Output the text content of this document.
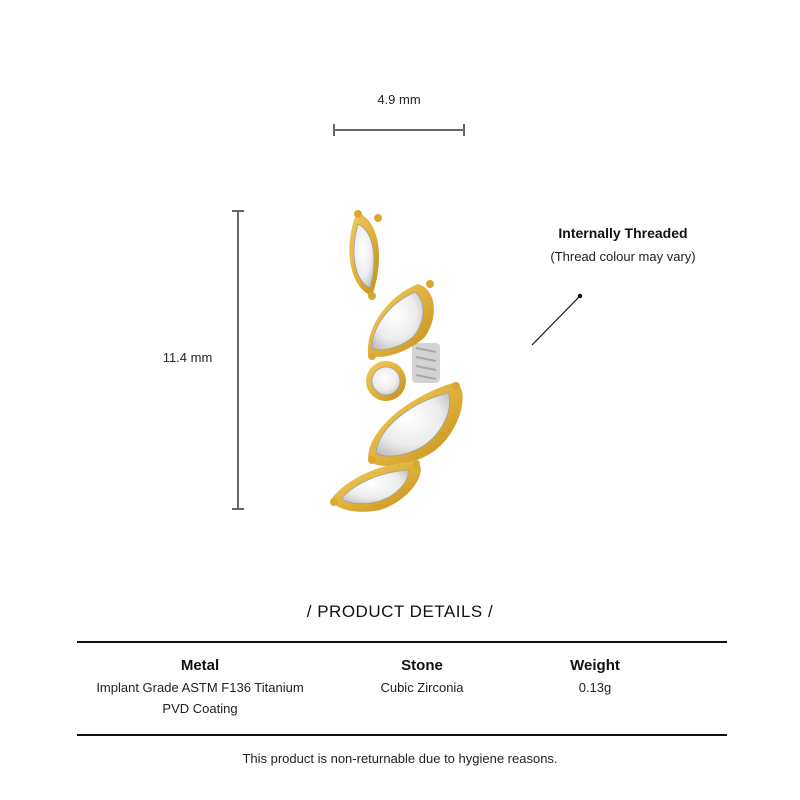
4.9 mm
11.4 mm
Internally Threaded
(Thread colour may vary)
/ PRODUCT DETAILS /
Metal
Implant Grade ASTM F136 Titanium
PVD Coating
Stone
Cubic Zirconia
Weight
0.13g
This product is non-returnable due to hygiene reasons.
